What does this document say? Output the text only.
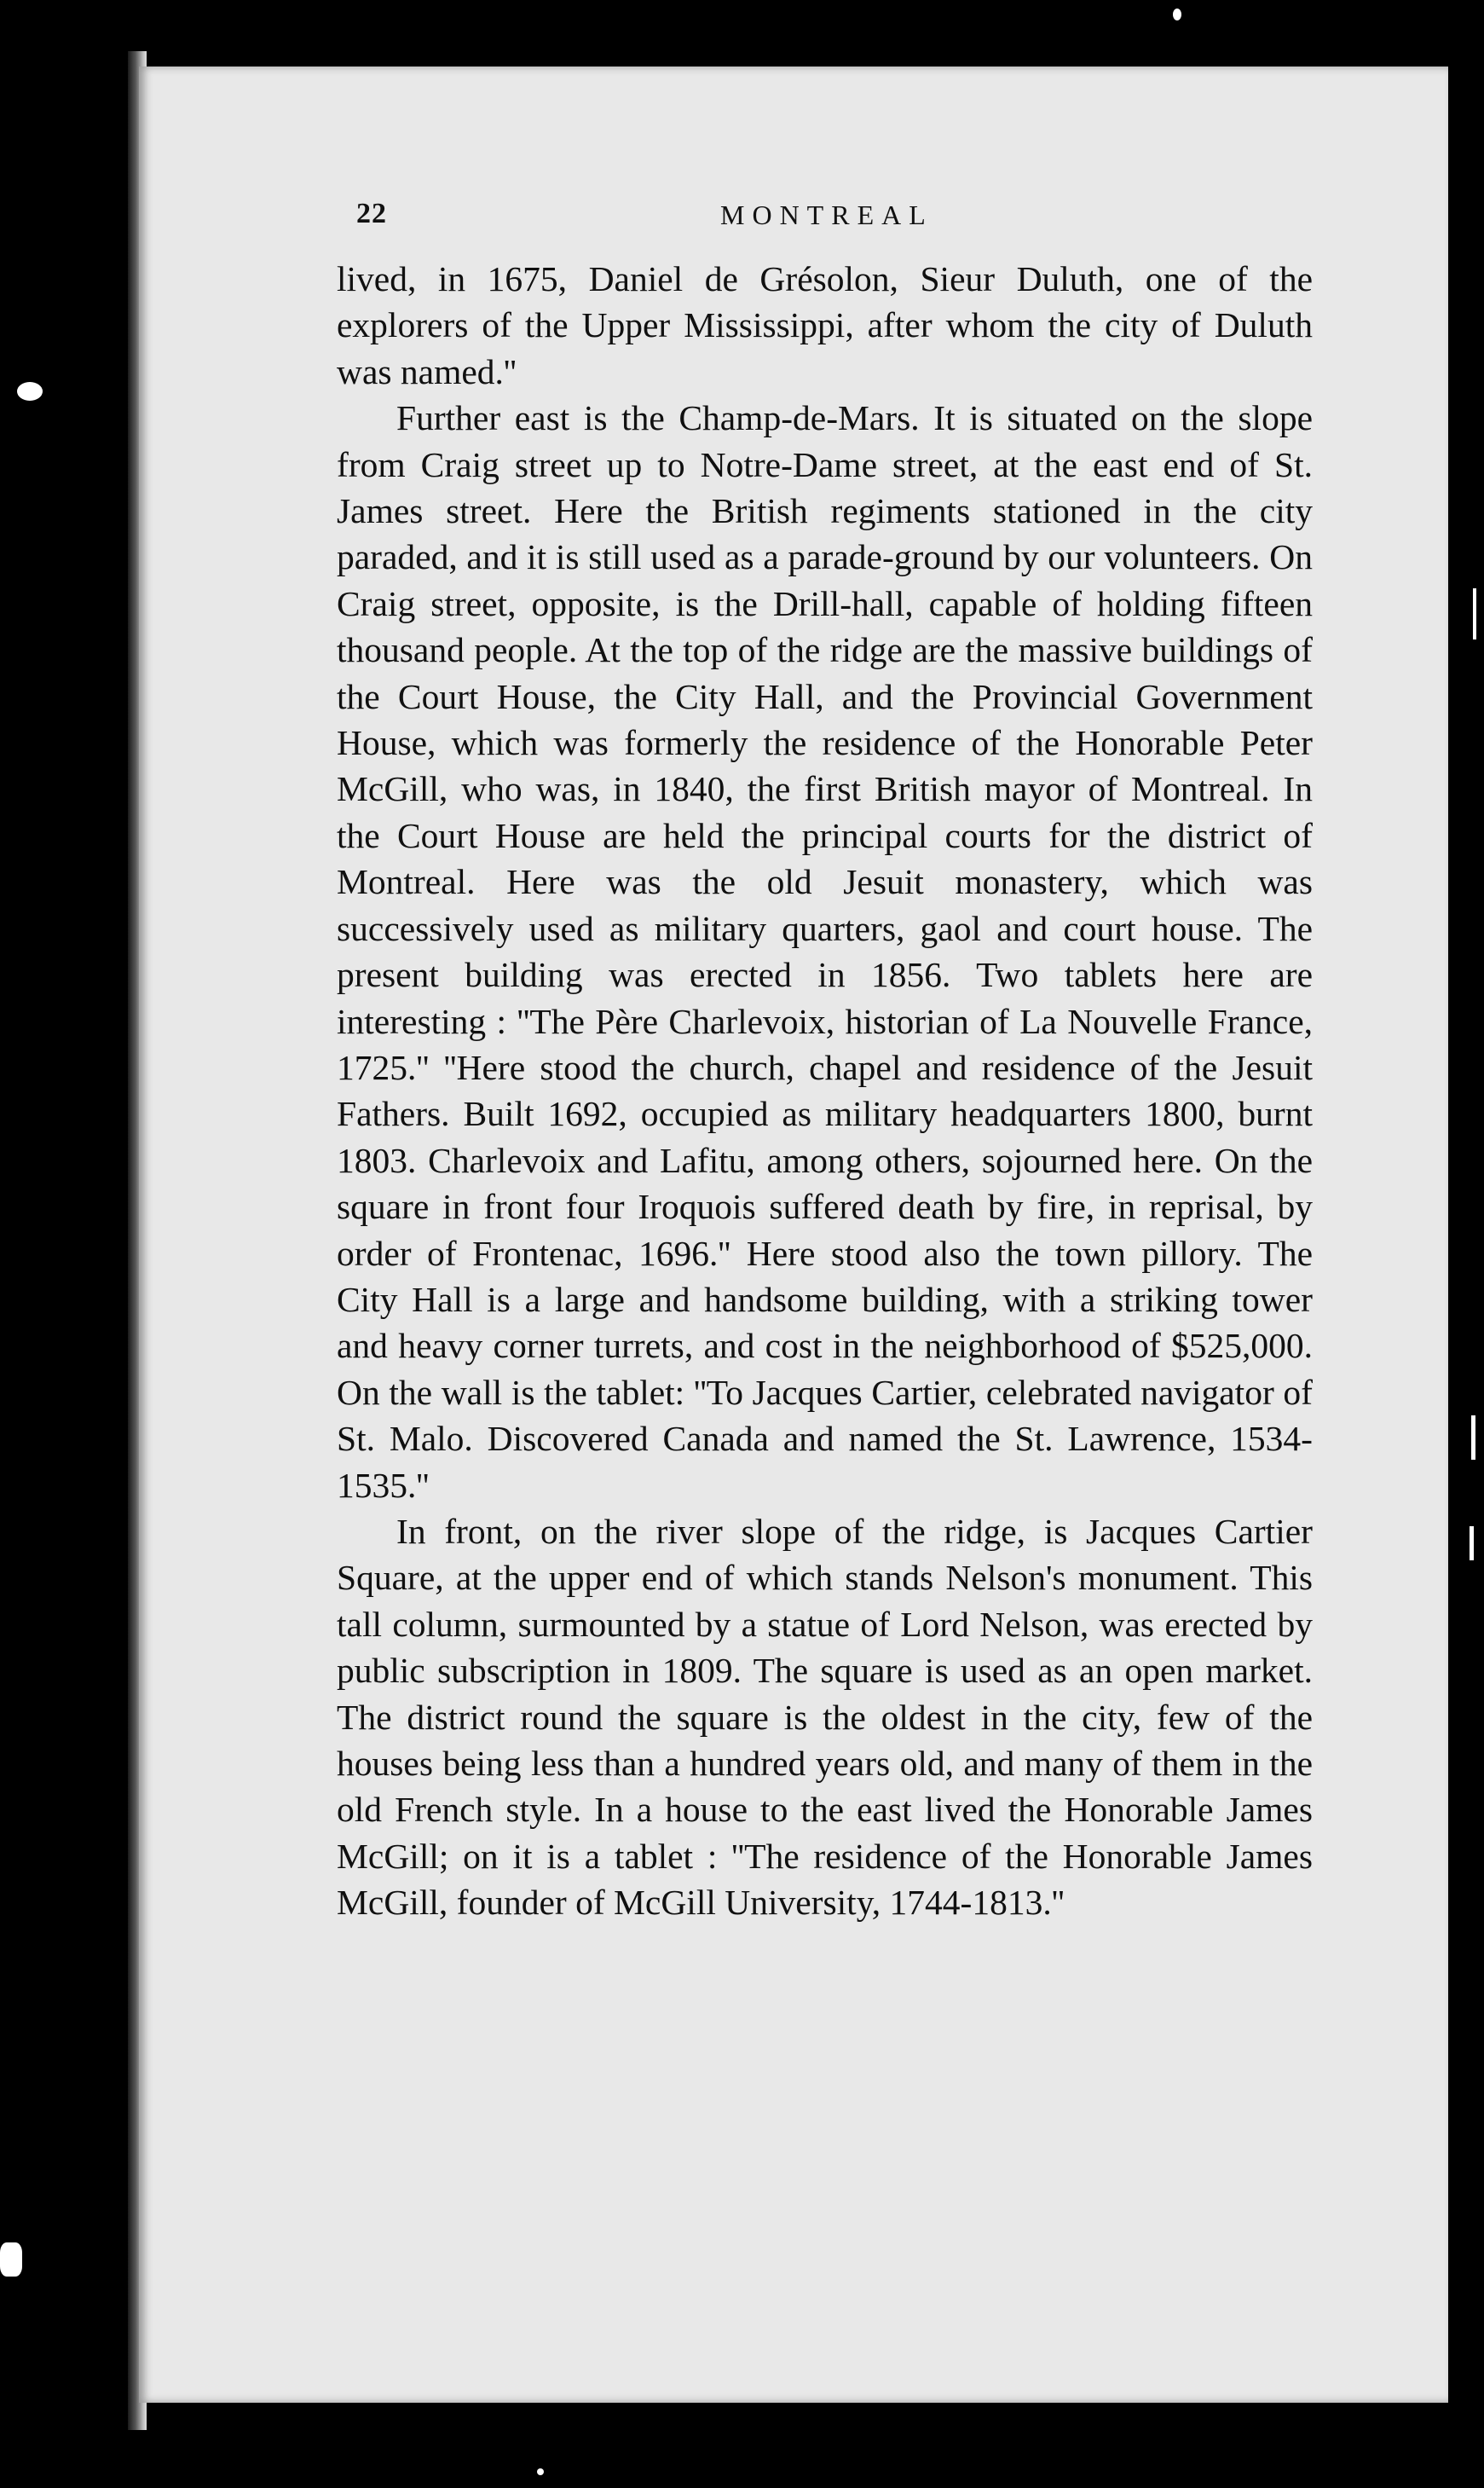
22	MONTREAL

lived, in 1675, Daniel de Grésolon, Sieur Duluth, one of the explorers of the Upper Mississippi, after whom the city of Duluth was named.''

Further east is the Champ-de-Mars. It is situated on the slope from Craig street up to Notre-Dame street, at the east end of St. James street. Here the British regiments stationed in the city paraded, and it is still used as a parade-ground by our volunteers. On Craig street, opposite, is the Drill-hall, capable of holding fifteen thousand people. At the top of the ridge are the massive buildings of the Court House, the City Hall, and the Provincial Government House, which was formerly the residence of the Honorable Peter McGill, who was, in 1840, the first British mayor of Montreal. In the Court House are held the principal courts for the district of Montreal. Here was the old Jesuit monastery, which was successively used as military quarters, gaol and court house. The present building was erected in 1856. Two tablets here are interesting : ''The Père Charlevoix, historian of La Nouvelle France, 1725.'' ''Here stood the church, chapel and residence of the Jesuit Fathers. Built 1692, occupied as military headquarters 1800, burnt 1803. Charlevoix and Lafitu, among others, sojourned here. On the square in front four Iroquois suffered death by fire, in reprisal, by order of Frontenac, 1696.'' Here stood also the town pillory. The City Hall is a large and handsome building, with a striking tower and heavy corner turrets, and cost in the neighborhood of $525,000. On the wall is the tablet: ''To Jacques Cartier, celebrated navigator of St. Malo. Discovered Canada and named the St. Lawrence, 1534-1535.''

In front, on the river slope of the ridge, is Jacques Cartier Square, at the upper end of which stands Nelson's monument. This tall column, surmounted by a statue of Lord Nelson, was erected by public subscription in 1809. The square is used as an open market. The district round the square is the oldest in the city, few of the houses being less than a hundred years old, and many of them in the old French style. In a house to the east lived the Honorable James McGill; on it is a tablet : ''The residence of the Honorable James McGill, founder of McGill University, 1744-1813.''
